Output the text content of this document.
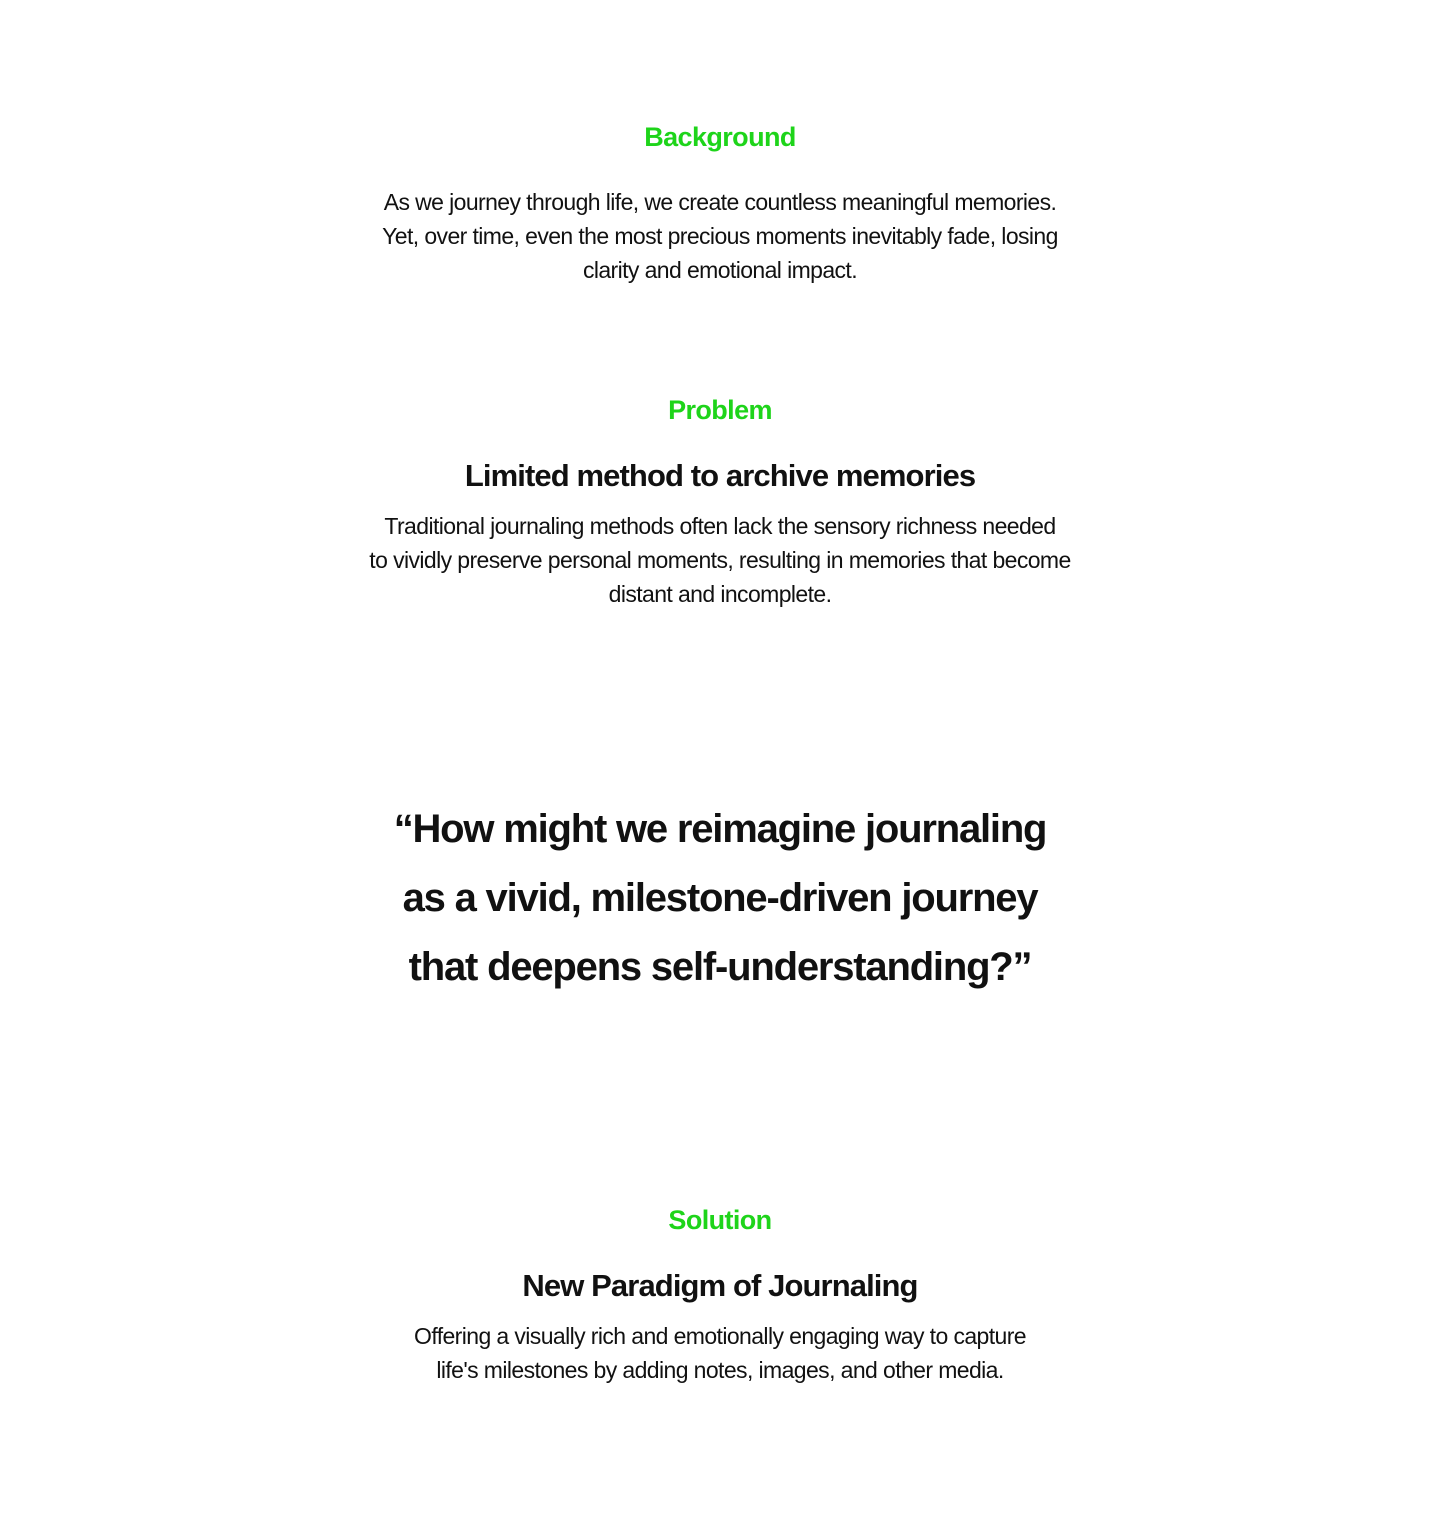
Background

As we journey through life, we create countless meaningful memories.
Yet, over time, even the most precious moments inevitably fade, losing
clarity and emotional impact.

Problem

Limited method to archive memories

Traditional journaling methods often lack the sensory richness needed
to vividly preserve personal moments, resulting in memories that become
distant and incomplete.

“How might we reimagine journaling
as a vivid, milestone-driven journey
that deepens self-understanding?”

Solution

New Paradigm of Journaling

Offering a visually rich and emotionally engaging way to capture
life's milestones by adding notes, images, and other media.
